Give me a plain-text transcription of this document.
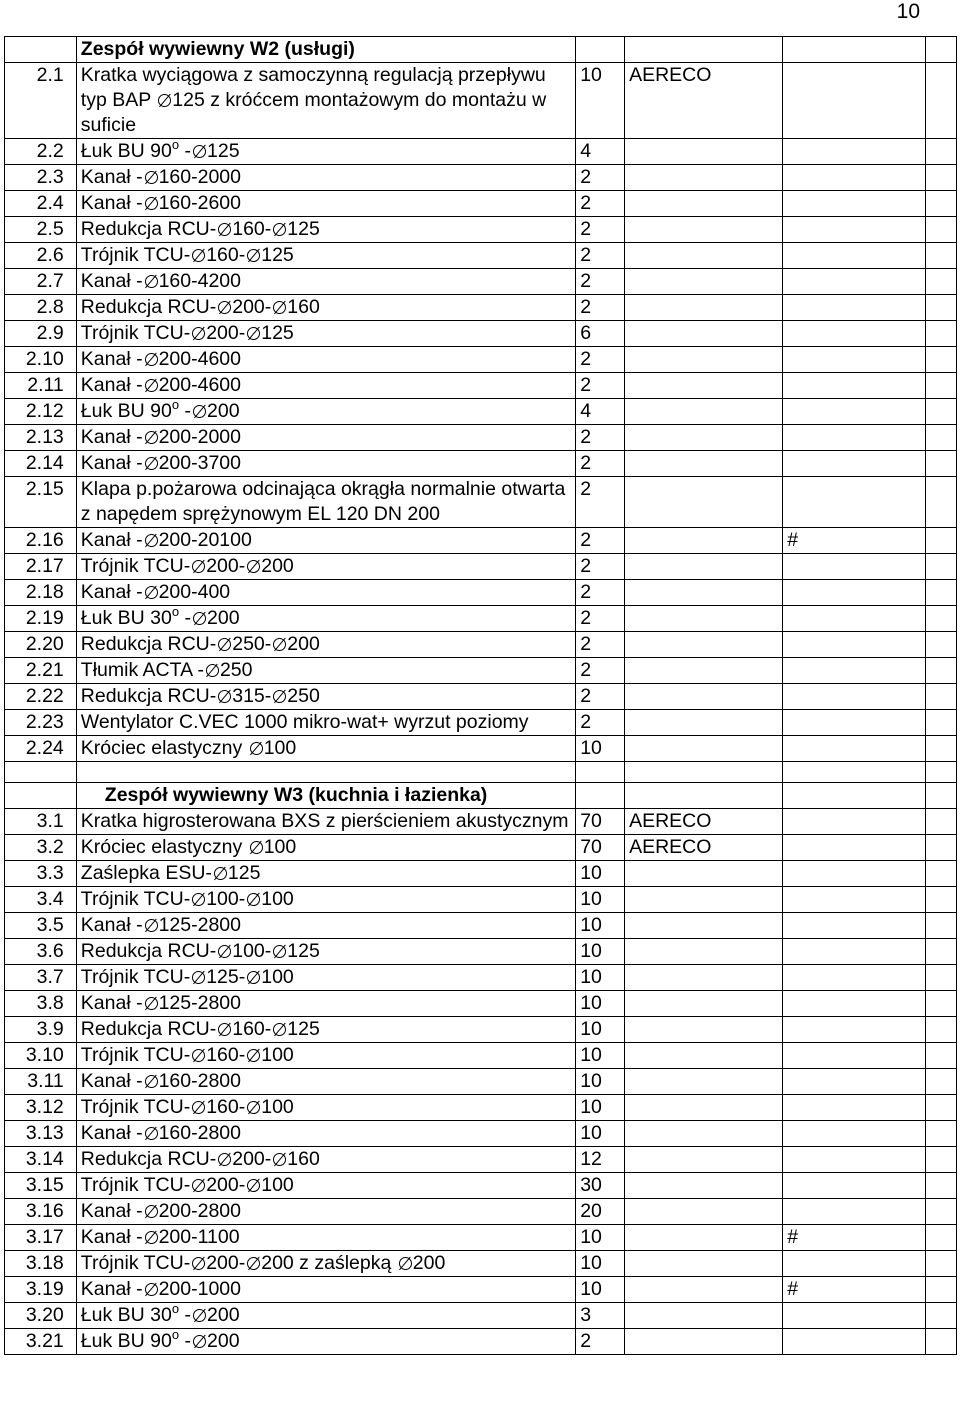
10
	Zespół wywiewny W2 (usługi)				
2.1	Kratka wyciągowa z samoczynną regulacją przepływu typ BAP 125 z króćcem montażowym do montażu w suficie	10	AERECO		
2.2	Łuk BU 90$^o$ - 125	4			
2.3	Kanał - 160-2000	2			
2.4	Kanał - 160-2600	2			
2.5	Redukcja RCU- 160- 125	2			
2.6	Trójnik TCU- 160- 125	2			
2.7	Kanał - 160-4200	2			
2.8	Redukcja RCU- 200- 160	2			
2.9	Trójnik TCU- 200- 125	6			
2.10	Kanał - 200-4600	2			
2.11	Kanał - 200-4600	2			
2.12	Łuk BU 90$^o$ - 200	4			
2.13	Kanał - 200-2000	2			
2.14	Kanał - 200-3700	2			
2.15	Klapa p.pożarowa odcinająca okrągła normalnie otwarta z napędem sprężynowym EL 120 DN 200	2			
2.16	Kanał - 200-20100	2		#	
2.17	Trójnik TCU- 200- 200	2			
2.18	Kanał - 200-400	2			
2.19	Łuk BU 30$^o$ - 200	2			
2.20	Redukcja RCU- 250- 200	2			
2.21	Tłumik ACTA - 250	2			
2.22	Redukcja RCU- 315- 250	2			
2.23	Wentylator C.VEC 1000 mikro-wat+ wyrzut poziomy	2			
2.24	Króciec elastyczny 100	10			

	Zespół wywiewny W3 (kuchnia i łazienka)				
3.1	Kratka higrosterowana BXS z pierścieniem akustycznym	70	AERECO		
3.2	Króciec elastyczny 100	70	AERECO		
3.3	Zaślepka ESU- 125	10			
3.4	Trójnik TCU- 100- 100	10			
3.5	Kanał - 125-2800	10			
3.6	Redukcja RCU- 100- 125	10			
3.7	Trójnik TCU- 125- 100	10			
3.8	Kanał - 125-2800	10			
3.9	Redukcja RCU- 160- 125	10			
3.10	Trójnik TCU- 160- 100	10			
3.11	Kanał - 160-2800	10			
3.12	Trójnik TCU- 160- 100	10			
3.13	Kanał - 160-2800	10			
3.14	Redukcja RCU- 200- 160	12			
3.15	Trójnik TCU- 200- 100	30			
3.16	Kanał - 200-2800	20			
3.17	Kanał - 200-1100	10		#	
3.18	Trójnik TCU- 200- 200 z zaślepką 200	10			
3.19	Kanał - 200-1000	10		#	
3.20	Łuk BU 30$^o$ - 200	3			
3.21	Łuk BU 90$^o$ - 200	2			
